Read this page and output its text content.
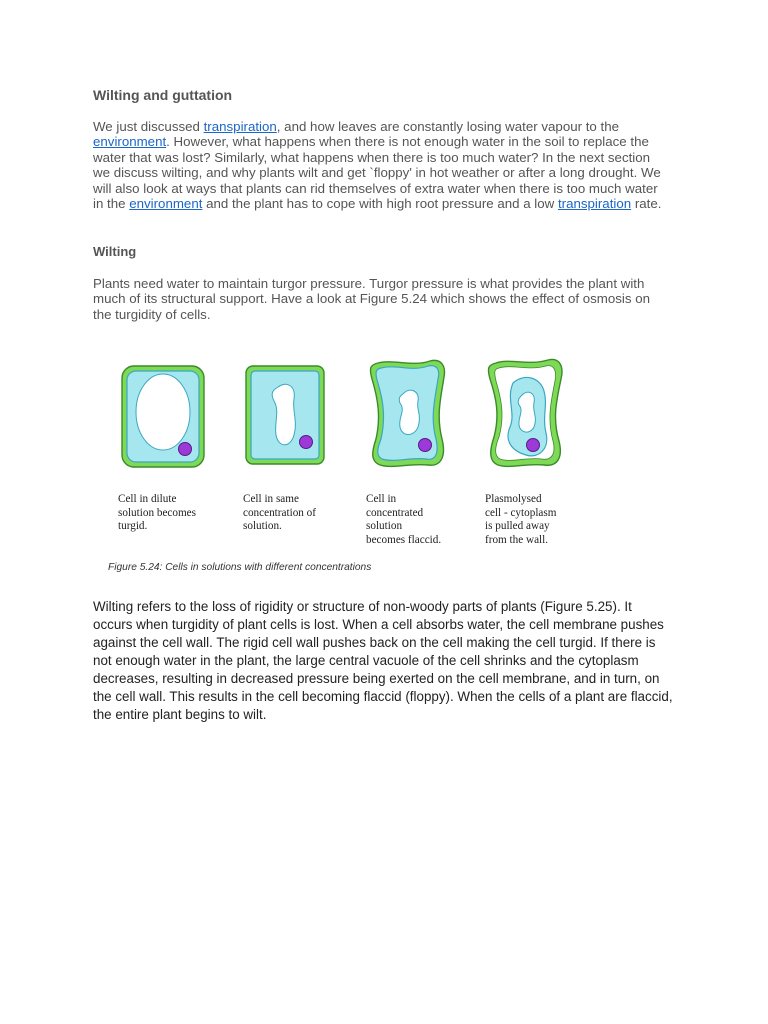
Wilting and guttation

We just discussed transpiration, and how leaves are constantly losing water vapour to the environment. However, what happens when there is not enough water in the soil to replace the water that was lost? Similarly, what happens when there is too much water? In the next section we discuss wilting, and why plants wilt and get `floppy' in hot weather or after a long drought. We will also look at ways that plants can rid themselves of extra water when there is too much water in the environment and the plant has to cope with high root pressure and a low transpiration rate.

Wilting

Plants need water to maintain turgor pressure. Turgor pressure is what provides the plant with much of its structural support. Have a look at Figure 5.24 which shows the effect of osmosis on the turgidity of cells.

Wilting refers to the loss of rigidity or structure of non-woody parts of plants (Figure 5.25). It occurs when turgidity of plant cells is lost. When a cell absorbs water, the cell membrane pushes against the cell wall. The rigid cell wall pushes back on the cell making the cell turgid. If there is not enough water in the plant, the large central vacuole of the cell shrinks and the cytoplasm decreases, resulting in decreased pressure being exerted on the cell membrane, and in turn, on the cell wall. This results in the cell becoming flaccid (floppy). When the cells of a plant are flaccid, the entire plant begins to wilt.

Cell in dilute
solution becomes
turgid.

Cell in same
concentration of
solution.

Cell in
concentrated
solution
becomes flaccid.

Plasmolysed
cell - cytoplasm
is pulled away
from the wall.

Figure 5.24: Cells in solutions with different concentrations
